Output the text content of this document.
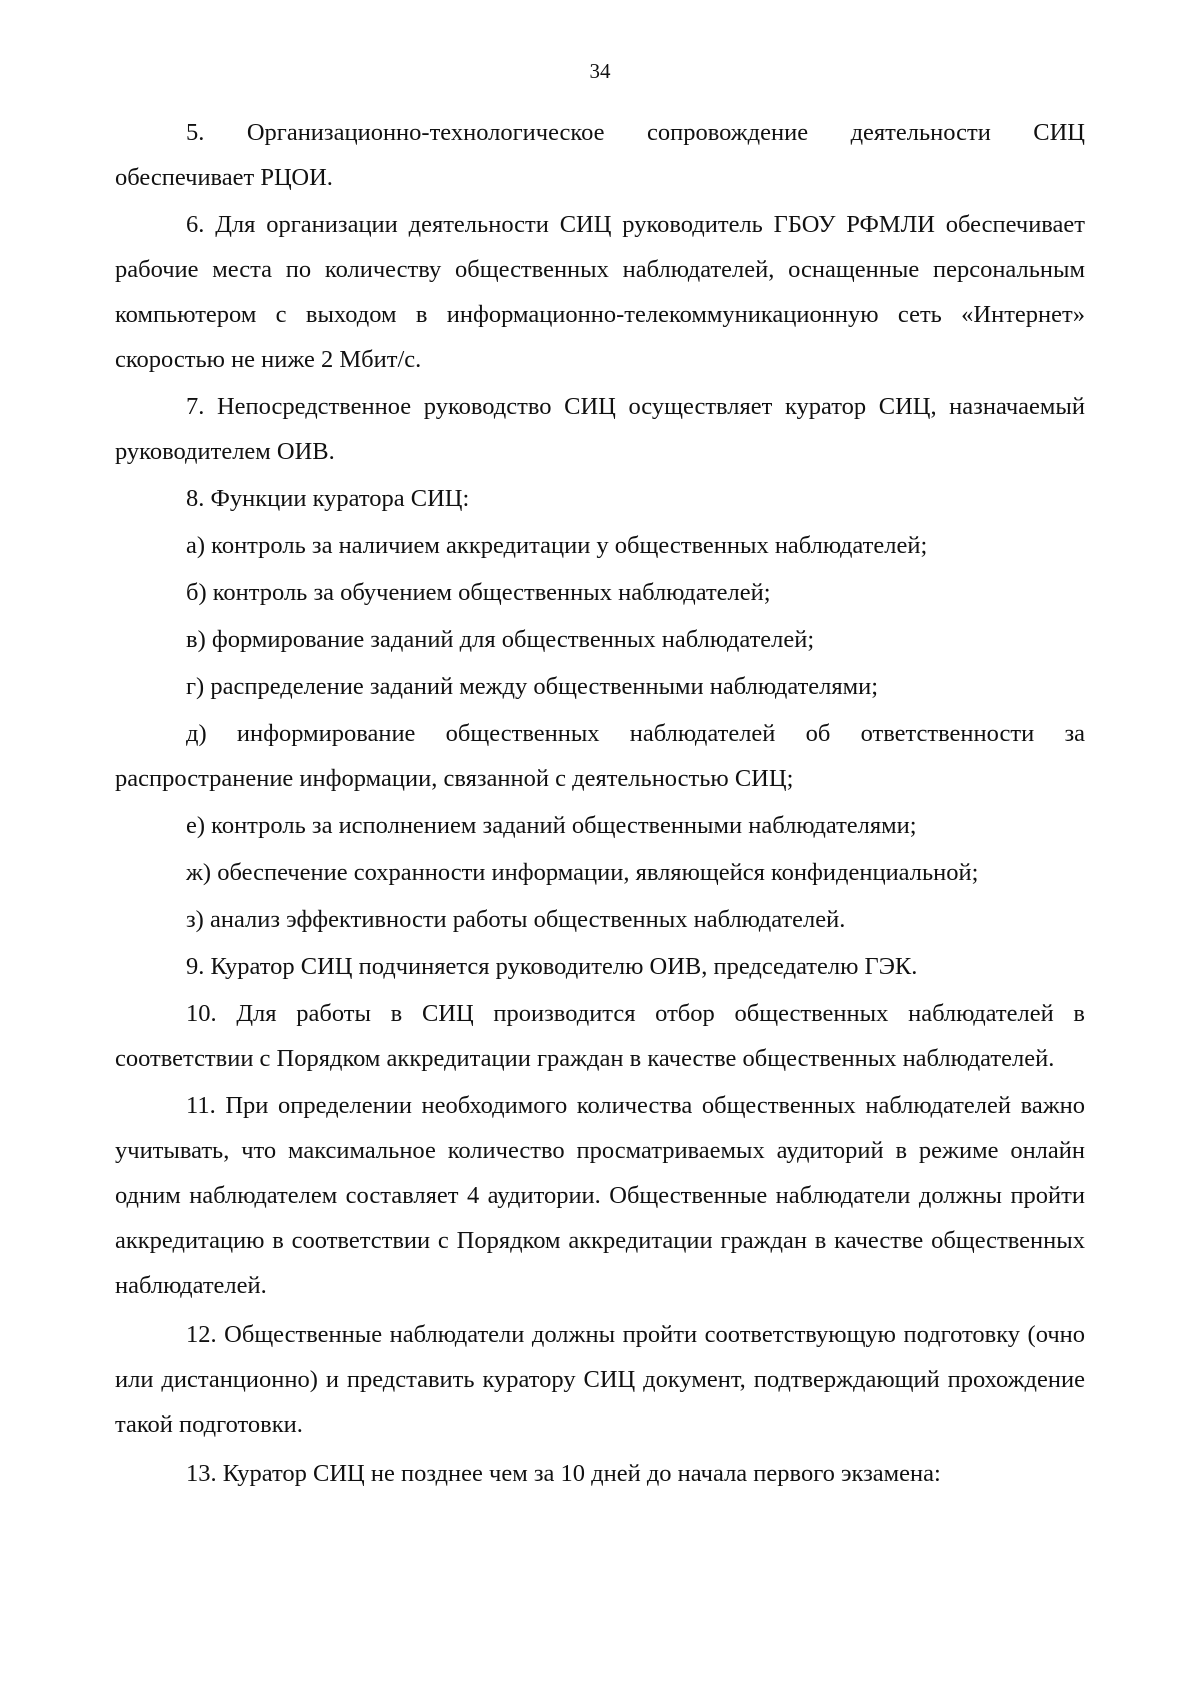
34

5. Организационно-технологическое сопровождение деятельности СИЦ обеспечивает РЦОИ.

6. Для организации деятельности СИЦ руководитель ГБОУ РФМЛИ обеспечивает рабочие места по количеству общественных наблюдателей, оснащенные персональным компьютером с выходом в информационно-телекоммуникационную сеть «Интернет» скоростью не ниже 2 Мбит/с.

7. Непосредственное руководство СИЦ осуществляет куратор СИЦ, назначаемый руководителем ОИВ.

8. Функции куратора СИЦ:

а) контроль за наличием аккредитации у общественных наблюдателей;

б) контроль за обучением общественных наблюдателей;

в) формирование заданий для общественных наблюдателей;

г) распределение заданий между общественными наблюдателями;

д) информирование общественных наблюдателей об ответственности за распространение информации, связанной с деятельностью СИЦ;

е) контроль за исполнением заданий общественными наблюдателями;

ж) обеспечение сохранности информации, являющейся конфиденциальной;

з) анализ эффективности работы общественных наблюдателей.

9. Куратор СИЦ подчиняется руководителю ОИВ, председателю ГЭК.

10. Для работы в СИЦ производится отбор общественных наблюдателей в соответствии с Порядком аккредитации граждан в качестве общественных наблюдателей.

11. При определении необходимого количества общественных наблюдателей важно учитывать, что максимальное количество просматриваемых аудиторий в режиме онлайн одним наблюдателем составляет 4 аудитории. Общественные наблюдатели должны пройти аккредитацию в соответствии с Порядком аккредитации граждан в качестве общественных наблюдателей.

12. Общественные наблюдатели должны пройти соответствующую подготовку (очно или дистанционно) и представить куратору СИЦ документ, подтверждающий прохождение такой подготовки.

13. Куратор СИЦ не позднее чем за 10 дней до начала первого экзамена:
